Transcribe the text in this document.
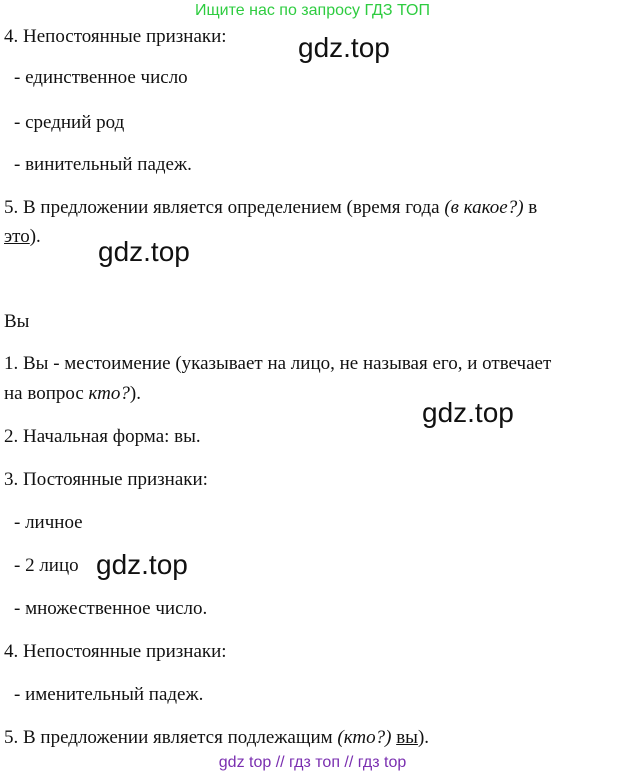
Ищите нас по запросу ГДЗ ТОП
4. Непостоянные признаки:	gdz.top
- единственное число
- средний род
- винительный падеж.
5. В предложении является определением (время года (в какое?) в
это). gdz.top
Вы
1. Вы - местоимение (указывает на лицо, не называя его, и отвечает
на вопрос кто?).
gdz.top
2. Начальная форма: вы.
3. Постоянные признаки:
- личное
- 2 лицо gdz.top
- множественное число.
4. Непостоянные признаки:
- именительный падеж.
5. В предложении является подлежащим (кто?) вы).
gdz top // гдз топ // гдз top
